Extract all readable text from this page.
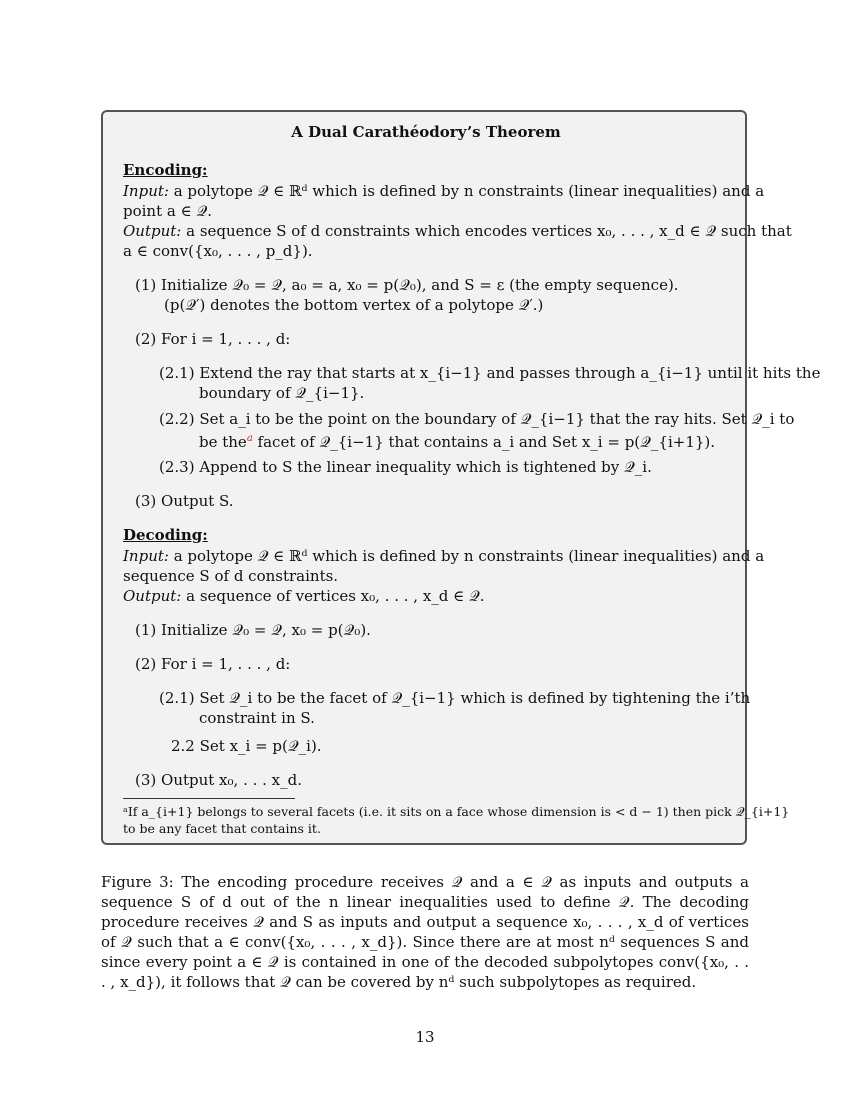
A Dual Carathéodory’s Theorem
Encoding:
Input: a polytope 𝒬 ∈ ℝᵈ which is defined by n constraints (linear inequalities) and a
point a ∈ 𝒬.
Output: a sequence S of d constraints which encodes vertices x₀, . . . , x_d ∈ 𝒬 such that
a ∈ conv({x₀, . . . , p_d}).
(1) Initialize 𝒬₀ = 𝒬, a₀ = a, x₀ = p(𝒬₀), and S = ε (the empty sequence).
(p(𝒬′) denotes the bottom vertex of a polytope 𝒬′.)
(2) For i = 1, . . . , d:
(2.1) Extend the ray that starts at x_{i−1} and passes through a_{i−1} until it hits the
boundary of 𝒬_{i−1}.
(2.2) Set a_i to be the point on the boundary of 𝒬_{i−1} that the ray hits. Set 𝒬_i to
be the$^a$ facet of 𝒬_{i−1} that contains a_i and Set x_i = p(𝒬_{i+1}).
(2.3) Append to S the linear inequality which is tightened by 𝒬_i.
(3) Output S.
Decoding:
Input: a polytope 𝒬 ∈ ℝᵈ which is defined by n constraints (linear inequalities) and a
sequence S of d constraints.
Output: a sequence of vertices x₀, . . . , x_d ∈ 𝒬.
(1) Initialize 𝒬₀ = 𝒬, x₀ = p(𝒬₀).
(2) For i = 1, . . . , d:
(2.1) Set 𝒬_i to be the facet of 𝒬_{i−1} which is defined by tightening the i’th
constraint in S.
2.2 Set x_i = p(𝒬_i).
(3) Output x₀, . . . x_d.
ᵃIf a_{i+1} belongs to several facets (i.e. it sits on a face whose dimension is < d − 1) then pick 𝒬_{i+1}
to be any facet that contains it.
Figure 3: The encoding procedure receives 𝒬 and a ∈ 𝒬 as inputs and outputs a sequence S of d out of the n linear inequalities used to define 𝒬. The decoding procedure receives 𝒬 and S as inputs and output a sequence x₀, . . . , x_d of vertices of 𝒬 such that a ∈ conv({x₀, . . . , x_d}). Since there are at most nᵈ sequences S and since every point a ∈ 𝒬 is contained in one of the decoded subpolytopes conv({x₀, . . . , x_d}), it follows that 𝒬 can be covered by nᵈ such subpolytopes as required.
13
